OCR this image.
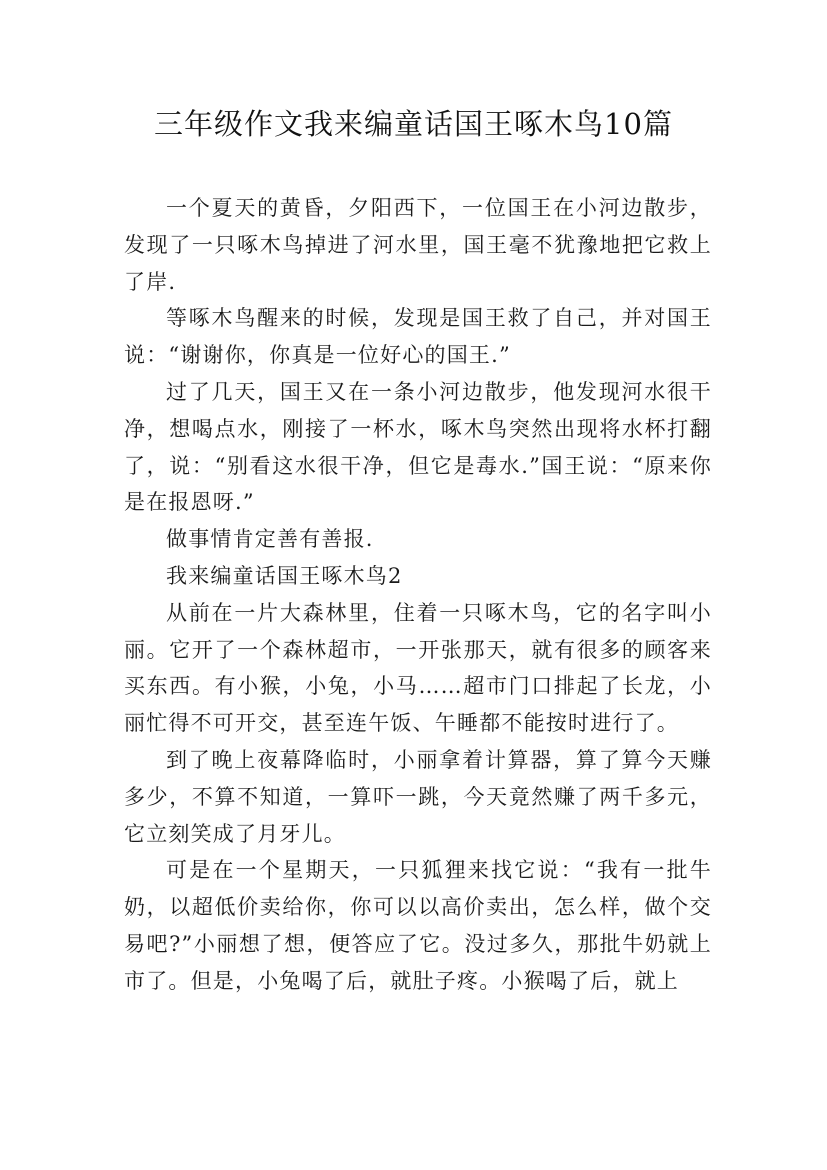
三年级作文我来编童话国王啄木鸟10篇

一个夏天的黄昏，夕阳西下，一位国王在小河边散步，发现了一只啄木鸟掉进了河水里，国王毫不犹豫地把它救上了岸.

等啄木鸟醒来的时候，发现是国王救了自己，并对国王说：“谢谢你，你真是一位好心的国王.”

过了几天，国王又在一条小河边散步，他发现河水很干净，想喝点水，刚接了一杯水，啄木鸟突然出现将水杯打翻了，说：“别看这水很干净，但它是毒水.”国王说：“原来你是在报恩呀.”

做事情肯定善有善报.

我来编童话国王啄木鸟2

从前在一片大森林里，住着一只啄木鸟，它的名字叫小丽。它开了一个森林超市，一开张那天，就有很多的顾客来买东西。有小猴，小兔，小马……超市门口排起了长龙，小丽忙得不可开交，甚至连午饭、午睡都不能按时进行了。

到了晚上夜幕降临时，小丽拿着计算器，算了算今天赚多少，不算不知道，一算吓一跳，今天竟然赚了两千多元，它立刻笑成了月牙儿。

可是在一个星期天，一只狐狸来找它说：“我有一批牛奶，以超低价卖给你，你可以以高价卖出，怎么样，做个交易吧?”小丽想了想，便答应了它。没过多久，那批牛奶就上市了。但是，小兔喝了后，就肚子疼。小猴喝了后，就上
